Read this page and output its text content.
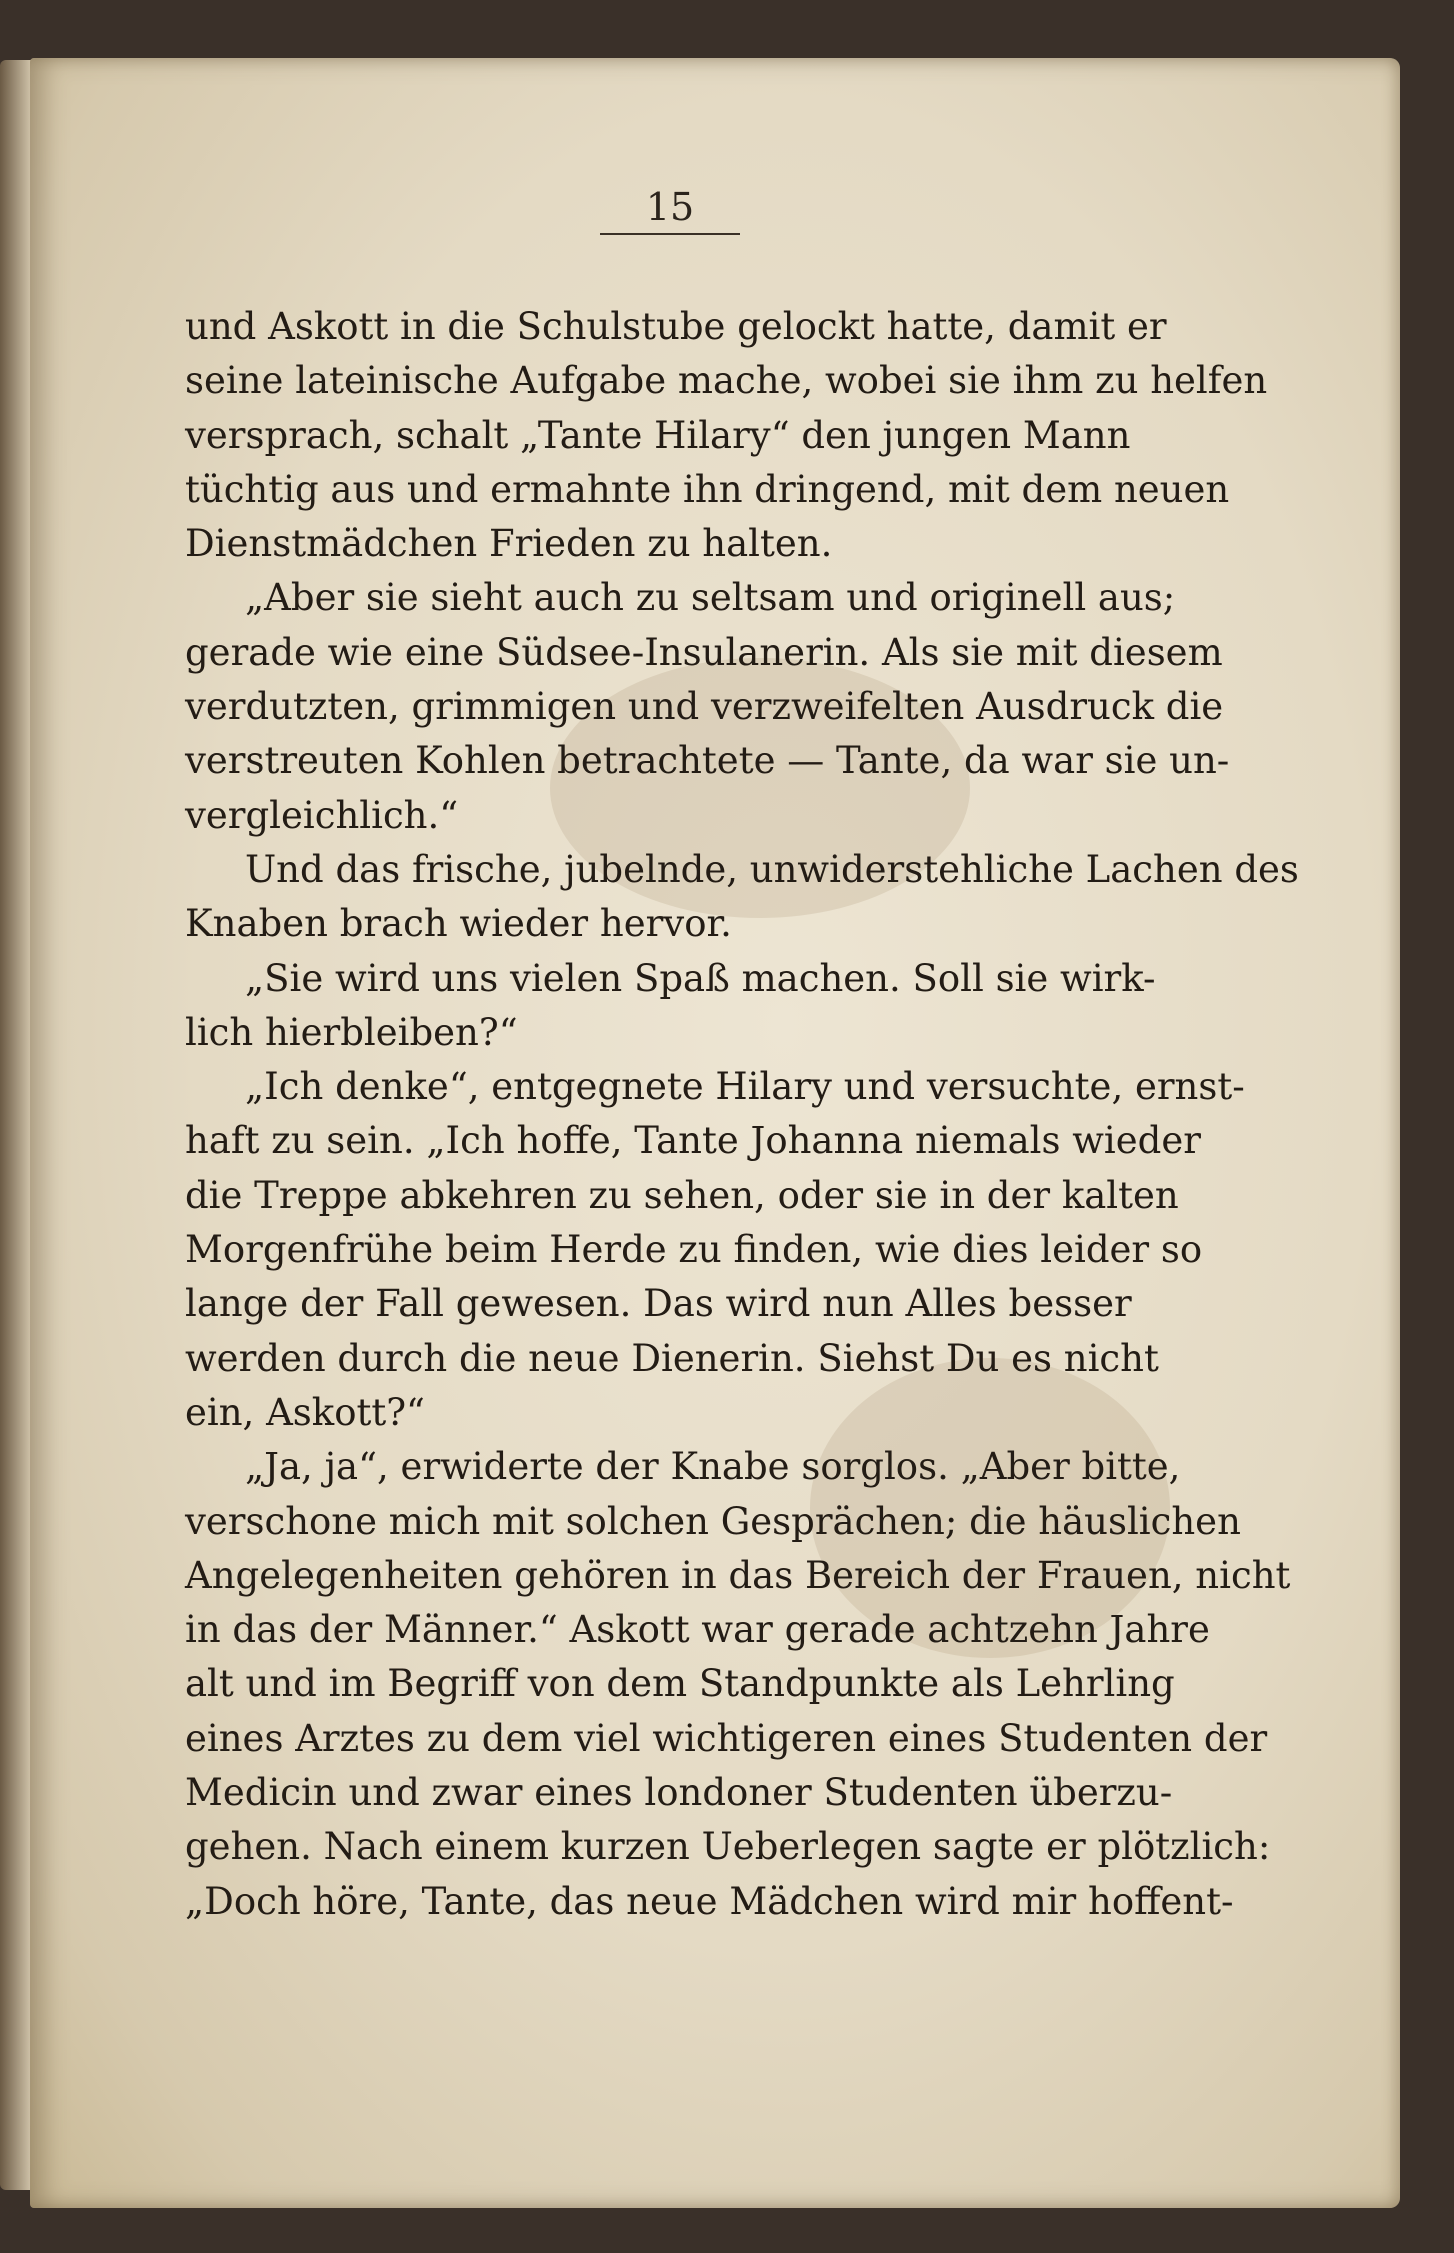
15
und Askott in die Schulstube gelockt hatte, damit er
seine lateinische Aufgabe mache, wobei sie ihm zu helfen
versprach, schalt „Tante Hilary“ den jungen Mann
tüchtig aus und ermahnte ihn dringend, mit dem neuen
Dienstmädchen Frieden zu halten.
„Aber sie sieht auch zu seltsam und originell aus;
gerade wie eine Südsee-Insulanerin. Als sie mit diesem
verdutzten, grimmigen und verzweifelten Ausdruck die
verstreuten Kohlen betrachtete — Tante, da war sie un-
vergleichlich.“
Und das frische, jubelnde, unwiderstehliche Lachen des
Knaben brach wieder hervor.
„Sie wird uns vielen Spaß machen. Soll sie wirk-
lich hierbleiben?“
„Ich denke“, entgegnete Hilary und versuchte, ernst-
haft zu sein. „Ich hoffe, Tante Johanna niemals wieder
die Treppe abkehren zu sehen, oder sie in der kalten
Morgenfrühe beim Herde zu finden, wie dies leider so
lange der Fall gewesen. Das wird nun Alles besser
werden durch die neue Dienerin. Siehst Du es nicht
ein, Askott?“
„Ja, ja“, erwiderte der Knabe sorglos. „Aber bitte,
verschone mich mit solchen Gesprächen; die häuslichen
Angelegenheiten gehören in das Bereich der Frauen, nicht
in das der Männer.“ Askott war gerade achtzehn Jahre
alt und im Begriff von dem Standpunkte als Lehrling
eines Arztes zu dem viel wichtigeren eines Studenten der
Medicin und zwar eines londoner Studenten überzu-
gehen. Nach einem kurzen Ueberlegen sagte er plötzlich:
„Doch höre, Tante, das neue Mädchen wird mir hoffent-
